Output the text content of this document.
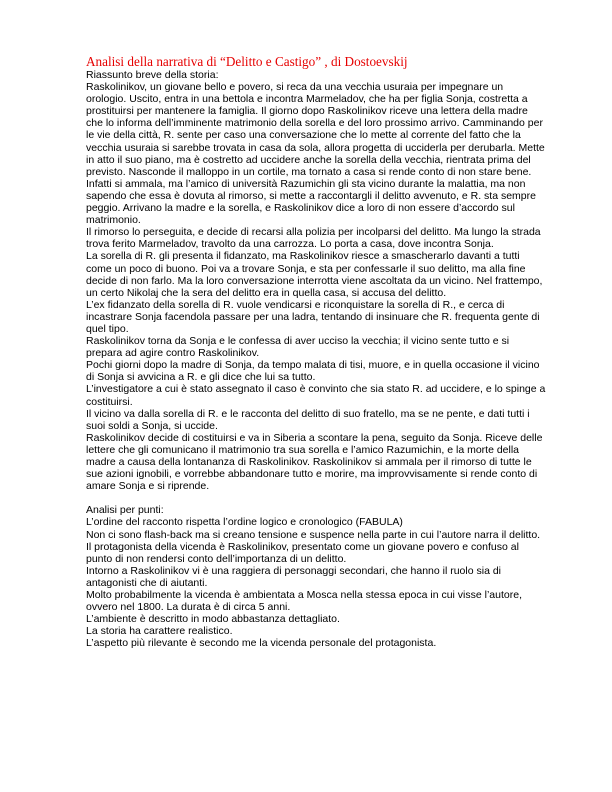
Analisi della narrativa di “Delitto e Castigo” , di Dostoevskij

Riassunto breve della storia:

Raskolinikov, un giovane bello e povero, si reca da una vecchia usuraia per impegnare un

orologio. Uscito, entra in una bettola e incontra Marmeladov, che ha per figlia Sonja, costretta a

prostituirsi per mantenere la famiglia. Il giorno dopo Raskolinikov riceve una lettera della madre

che lo informa dell’imminente matrimonio della sorella e del loro prossimo arrivo. Camminando per

le vie della città, R. sente per caso una conversazione che lo mette al corrente del fatto che la

vecchia usuraia si sarebbe trovata in casa da sola, allora progetta di ucciderla per derubarla. Mette

in atto il suo piano, ma è costretto ad uccidere anche la sorella della vecchia, rientrata prima del

previsto. Nasconde il malloppo in un cortile, ma tornato a casa si rende conto di non stare bene.

Infatti si ammala, ma l’amico di università Razumichin gli sta vicino durante la malattia, ma non

sapendo che essa è dovuta al rimorso, si mette a raccontargli il delitto avvenuto, e R. sta sempre

peggio. Arrivano la madre e la sorella, e Raskolinikov dice a loro di non essere d’accordo sul

matrimonio.

Il rimorso lo perseguita, e decide di recarsi alla polizia per incolparsi del delitto. Ma lungo la strada

trova ferito Marmeladov, travolto da una carrozza. Lo porta a casa, dove incontra Sonja.

La sorella di R. gli presenta il fidanzato, ma Raskolinikov riesce a smascherarlo davanti a tutti

come un poco di buono. Poi va a trovare Sonja, e sta per confessarle il suo delitto, ma alla fine

decide di non farlo. Ma la loro conversazione interrotta viene ascoltata da un vicino. Nel frattempo,

un certo Nikolaj che la sera del delitto era in quella casa, si accusa del delitto.

L’ex fidanzato della sorella di R. vuole vendicarsi e riconquistare la sorella di R., e cerca di

incastrare Sonja facendola passare per una ladra, tentando di insinuare che R. frequenta gente di

quel tipo.

Raskolinikov torna da Sonja e le confessa di aver ucciso la vecchia; il vicino sente tutto e si

prepara ad agire contro Raskolinikov.

Pochi giorni dopo la madre di Sonja, da tempo malata di tisi, muore, e in quella occasione il vicino

di Sonja si avvicina a R. e gli dice che lui sa tutto.

L’investigatore a cui è stato assegnato il caso è convinto che sia stato R. ad uccidere, e lo spinge a

costituirsi.

Il vicino va dalla sorella di R. e le racconta del delitto di suo fratello, ma se ne pente, e dati tutti i

suoi soldi a Sonja, si uccide.

Raskolinikov decide di costituirsi e va in Siberia a scontare la pena, seguito da Sonja. Riceve delle

lettere che gli comunicano il matrimonio tra sua sorella e l’amico Razumichin, e la morte della

madre a causa della lontananza di Raskolinikov. Raskolinikov si ammala per il rimorso di tutte le

sue azioni ignobili, e vorrebbe abbandonare tutto e morire, ma improvvisamente si rende conto di

amare Sonja e si riprende.

Analisi per punti:

L’ordine del racconto rispetta l’ordine logico e cronologico (FABULA)

Non ci sono flash-back ma si creano tensione e suspence nella parte in cui l’autore narra il delitto.

Il protagonista della vicenda è Raskolinikov, presentato come un giovane povero e confuso al

punto di non rendersi conto dell’importanza di un delitto.

Intorno a Raskolinikov vi è una raggiera di personaggi secondari, che hanno il ruolo sia di

antagonisti che di aiutanti.

Molto probabilmente la vicenda è ambientata a Mosca nella stessa epoca in cui visse l’autore,

ovvero nel 1800. La durata è di circa 5 anni.

L’ambiente è descritto in modo abbastanza dettagliato.

La storia ha carattere realistico.

L’aspetto più rilevante è secondo me la vicenda personale del protagonista.
